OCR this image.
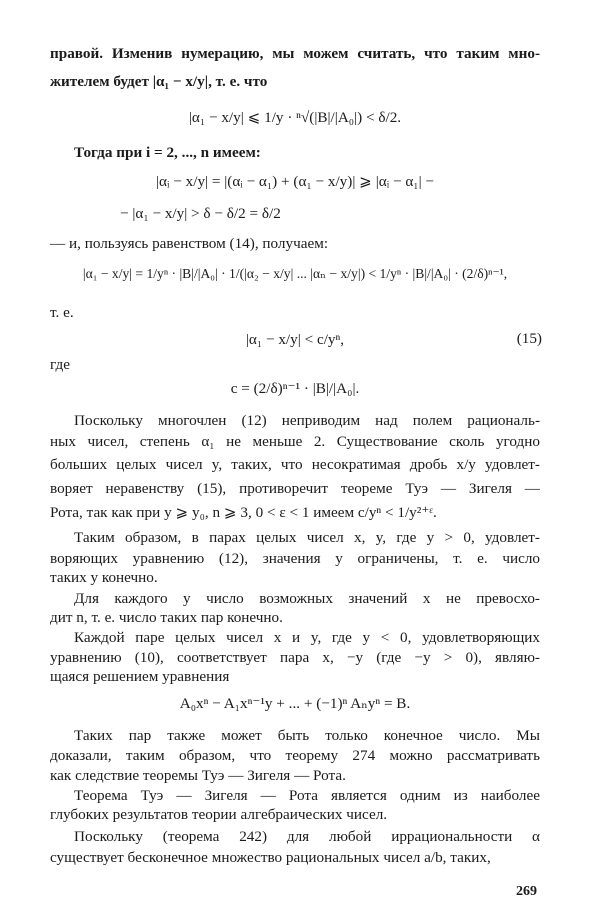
правой. Изменив нумерацию, мы можем считать, что таким мно-
жителем будет |α₁ − x/y|, т. е. что
|α₁ − x/y| ⩽ 1/y · ⁿ√(|B|/|A₀|) < δ/2.
Тогда при i = 2, ..., n имеем:
|αᵢ − x/y| = |(αᵢ − α₁) + (α₁ − x/y)| ⩾ |αᵢ − α₁| −
− |α₁ − x/y| > δ − δ/2 = δ/2
— и, пользуясь равенством (14), получаем:
|α₁ − x/y| = 1/yⁿ · |B|/|A₀| · 1/(|α₂ − x/y| ... |αₙ − x/y|) < 1/yⁿ · |B|/|A₀| · (2/δ)ⁿ⁻¹,
т. е.
|α₁ − x/y| < c/yⁿ,	(15)
где
c = (2/δ)ⁿ⁻¹ · |B|/|A₀|.
Поскольку многочлен (12) неприводим над полем рациональ-
ных чисел, степень α₁ не меньше 2. Существование сколь угодно
больших целых чисел y, таких, что несократимая дробь x/y удовлет-
воряет неравенству (15), противоречит теореме Туэ — Зигеля —
Рота, так как при y ⩾ y₀, n ⩾ 3, 0 < ε < 1 имеем c/yⁿ < 1/y²⁺ᵋ.
Таким образом, в парах целых чисел x, y, где y > 0, удовлет-
воряющих уравнению (12), значения y ограничены, т. е. число
таких y конечно.
Для каждого y число возможных значений x не превосхо-
дит n, т. е. число таких пар конечно.
Каждой паре целых чисел x и y, где y < 0, удовлетворяющих
уравнению (10), соответствует пара x, −y (где −y > 0), являю-
щаяся решением уравнения
A₀xⁿ − A₁xⁿ⁻¹y + ... + (−1)ⁿ Aₙyⁿ = B.
Таких пар также может быть только конечное число. Мы
доказали, таким образом, что теорему 274 можно рассматривать
как следствие теоремы Туэ — Зигеля — Рота.
Теорема Туэ — Зигеля — Рота является одним из наиболее
глубоких результатов теории алгебраических чисел.
Поскольку (теорема 242) для любой иррациональности α
существует бесконечное множество рациональных чисел a/b, таких,
269
